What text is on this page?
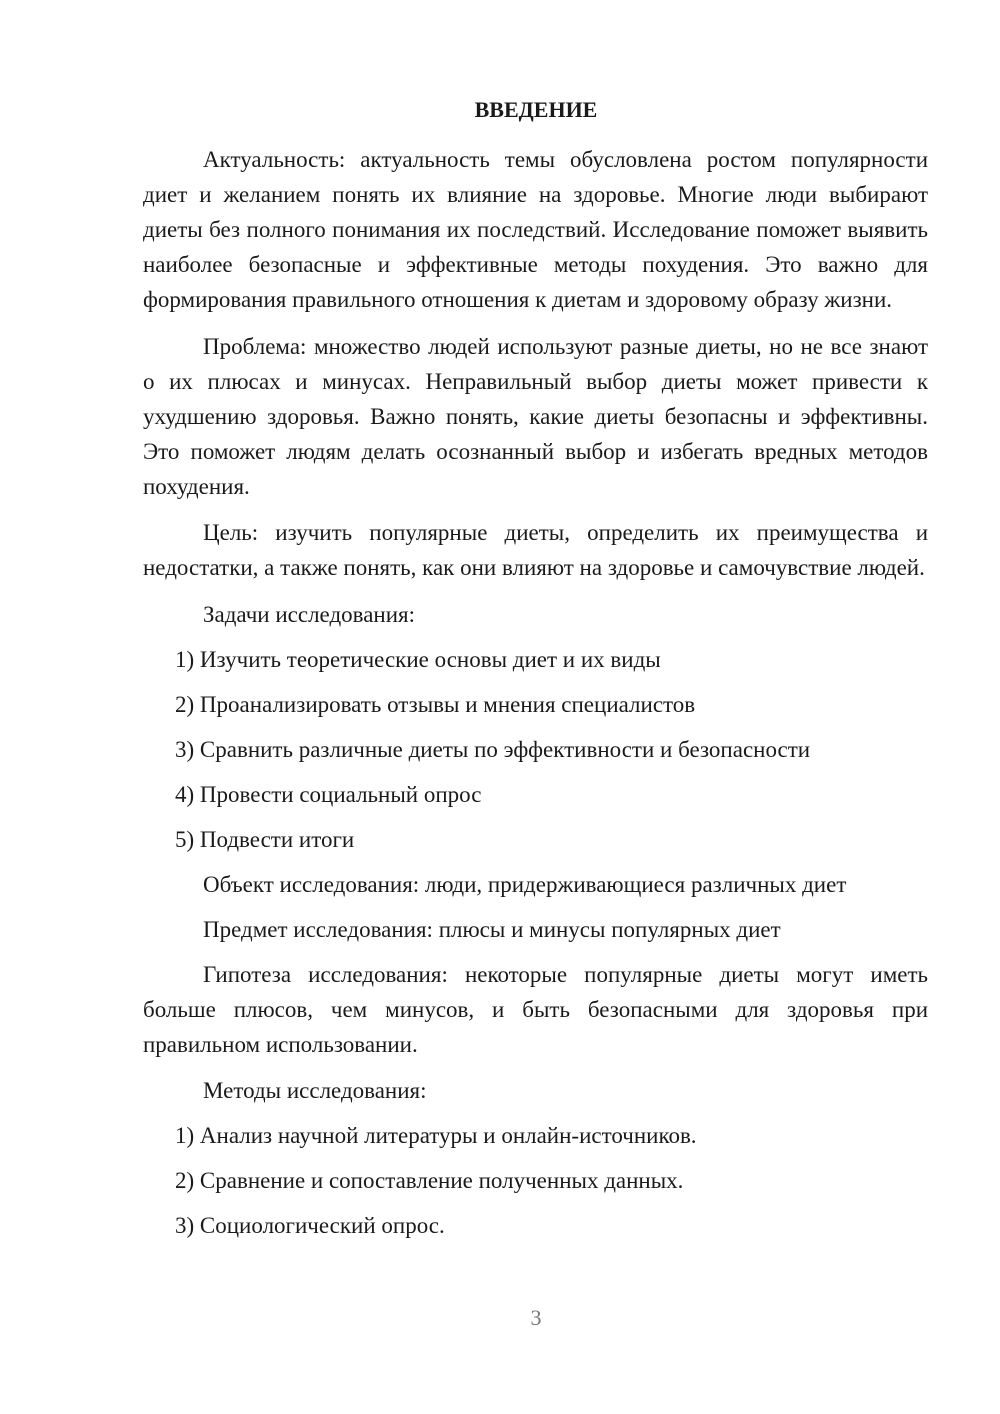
ВВЕДЕНИЕ

Актуальность: актуальность темы обусловлена ростом популярности диет и желанием понять их влияние на здоровье. Многие люди выбирают диеты без полного понимания их последствий. Исследование поможет выявить наиболее безопасные и эффективные методы похудения. Это важно для формирования правильного отношения к диетам и здоровому образу жизни.

Проблема: множество людей используют разные диеты, но не все знают о их плюсах и минусах. Неправильный выбор диеты может привести к ухудшению здоровья. Важно понять, какие диеты безопасны и эффективны. Это поможет людям делать осознанный выбор и избегать вредных методов похудения.

Цель: изучить популярные диеты, определить их преимущества и недостатки, а также понять, как они влияют на здоровье и самочувствие людей.

Задачи исследования:

1) Изучить теоретические основы диет и их виды

2) Проанализировать отзывы и мнения специалистов

3) Сравнить различные диеты по эффективности и безопасности

4) Провести социальный опрос

5) Подвести итоги

Объект исследования: люди, придерживающиеся различных диет

Предмет исследования: плюсы и минусы популярных диет

Гипотеза исследования: некоторые популярные диеты могут иметь больше плюсов, чем минусов, и быть безопасными для здоровья при правильном использовании.

Методы исследования:

1) Анализ научной литературы и онлайн-источников.

2) Сравнение и сопоставление полученных данных.

3) Социологический опрос.

3
